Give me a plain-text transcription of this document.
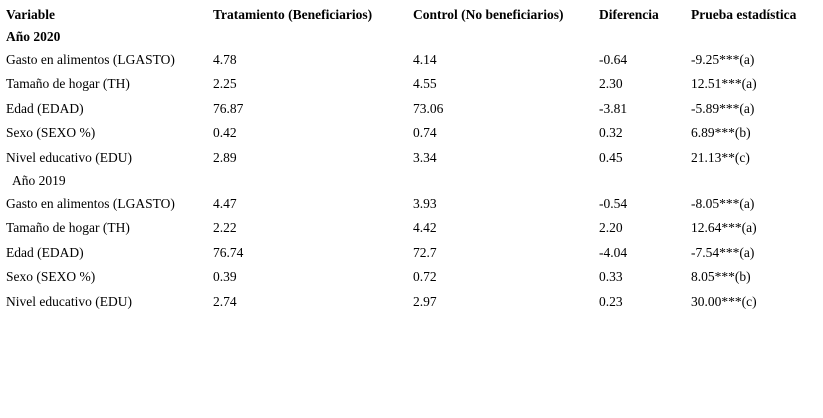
Variable	Tratamiento (Beneficiarios)	Control (No beneficiarios)	Diferencia	Prueba estadística
Año 2020				
Gasto en alimentos (LGASTO)	4.78	4.14	-0.64	-9.25***(a)
Tamaño de hogar (TH)	2.25	4.55	2.30	12.51***(a)
Edad (EDAD)	76.87	73.06	-3.81	-5.89***(a)
Sexo (SEXO %)	0.42	0.74	0.32	6.89***(b)
Nivel educativo (EDU)	2.89	3.34	0.45	21.13**(c)
Año 2019				
Gasto en alimentos (LGASTO)	4.47	3.93	-0.54	-8.05***(a)
Tamaño de hogar (TH)	2.22	4.42	2.20	12.64***(a)
Edad (EDAD)	76.74	72.7	-4.04	-7.54***(a)
Sexo (SEXO %)	0.39	0.72	0.33	8.05***(b)
Nivel educativo (EDU)	2.74	2.97	0.23	30.00***(c)
